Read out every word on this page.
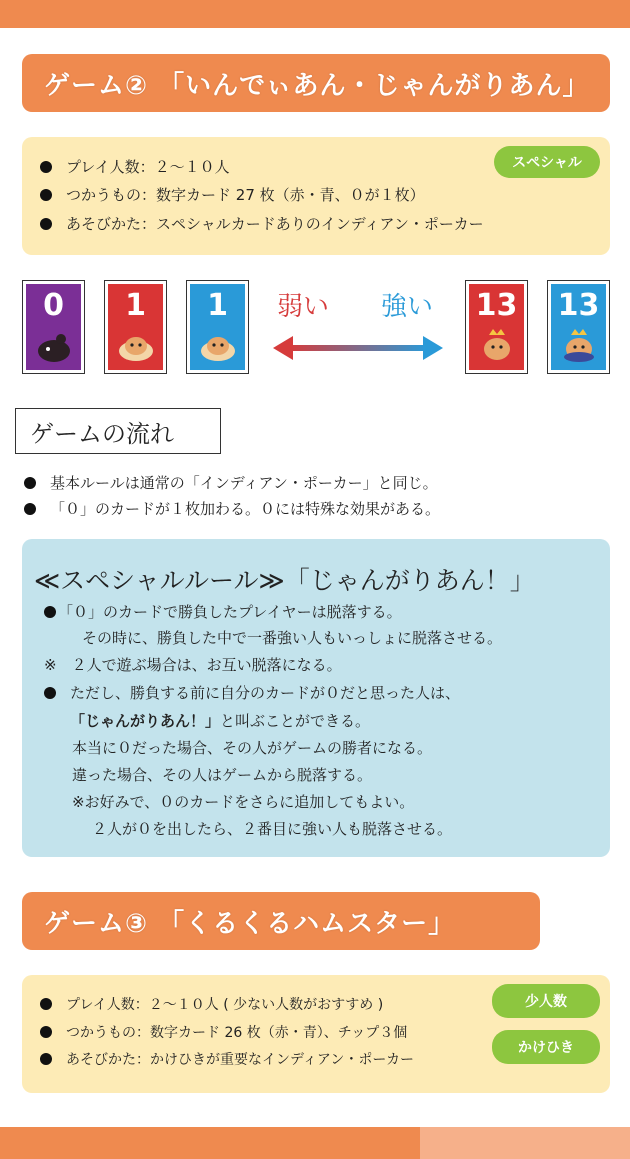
ゲーム② 「いんでぃあん・じゃんがりあん」
プレイ人数：２～１０人
つかうもの：数字カード 27 枚（赤・青、０が１枚）
あそびかた：スペシャルカードありのインディアン・ポーカー
スペシャル
0 1 1 弱い 強い 13 13
ゲームの流れ
基本ルールは通常の「インディアン・ポーカー」と同じ。
「０」のカードが１枚加わる。０には特殊な効果がある。
≪スペシャルルール≫「じゃんがりあん！」
「０」のカードで勝負したプレイヤーは脱落する。
その時に、勝負した中で一番強い人もいっしょに脱落させる。
※　２人で遊ぶ場合は、お互い脱落になる。
ただし、勝負する前に自分のカードが０だと思った人は、
「じゃんがりあん！」 と叫ぶことができる。
本当に０だった場合、その人がゲームの勝者になる。
違った場合、その人はゲームから脱落する。
※お好みで、０のカードをさらに追加してもよい。
２人が０を出したら、２番目に強い人も脱落させる。
ゲーム③ 「くるくるハムスター」
プレイ人数：２～１０人 ( 少ない人数がおすすめ )
つかうもの：数字カード 26 枚（赤・青）、チップ３個
あそびかた：かけひきが重要なインディアン・ポーカー
少人数
かけひき
